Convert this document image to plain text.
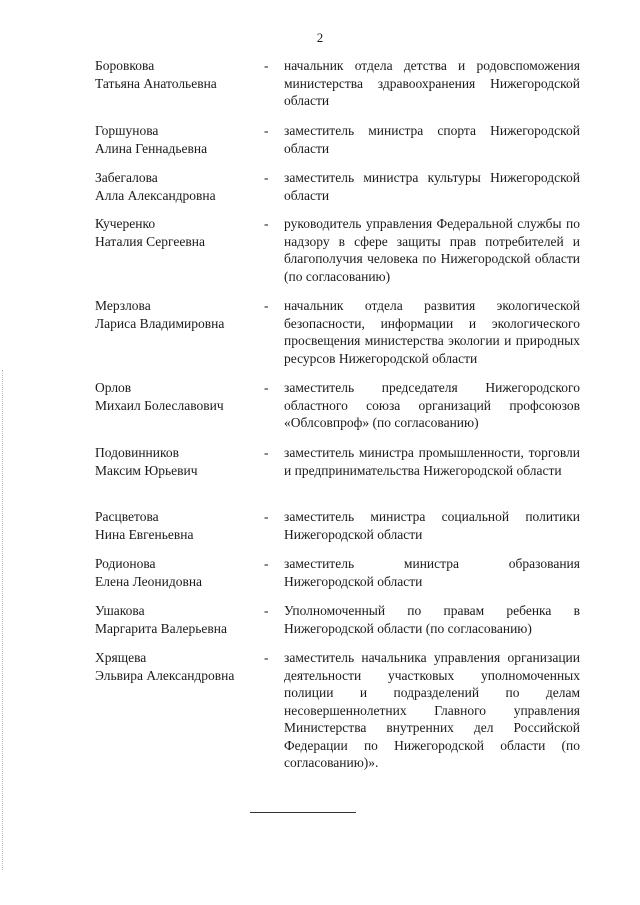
2
Боровкова
Татьяна Анатольевна
-	начальник отдела детства и родовспоможения министерства здравоохранения Нижегородской области
Горшунова
Алина Геннадьевна
-	заместитель министра спорта Нижегородской области
Забегалова
Алла Александровна
-	заместитель министра культуры Нижегородской области
Кучеренко
Наталия Сергеевна
-	руководитель управления Федеральной службы по надзору в сфере защиты прав потребителей и благополучия человека по Нижегородской области (по согласованию)
Мерзлова
Лариса Владимировна
-	начальник отдела развития экологической безопасности, информации и экологического просвещения министерства экологии и природных ресурсов Нижегородской области
Орлов
Михаил Болеславович
-	заместитель председателя Нижегородского областного союза организаций профсоюзов «Облсовпроф» (по согласованию)
Подовинников
Максим Юрьевич
-	заместитель министра промышленности, торговли и предпринимательства Нижегородской области
Расцветова
Нина Евгеньевна
-	заместитель министра социальной политики Нижегородской области
Родионова
Елена Леонидовна
-	заместитель министра образования Нижегородской области
Ушакова
Маргарита Валерьевна
-	Уполномоченный по правам ребенка в Нижегородской области (по согласованию)
Хрящева
Эльвира Александровна
-	заместитель начальника управления организации деятельности участковых уполномоченных полиции и подразделений по делам несовершеннолетних Главного управления Министерства внутренних дел Российской Федерации по Нижегородской области (по согласованию)».
